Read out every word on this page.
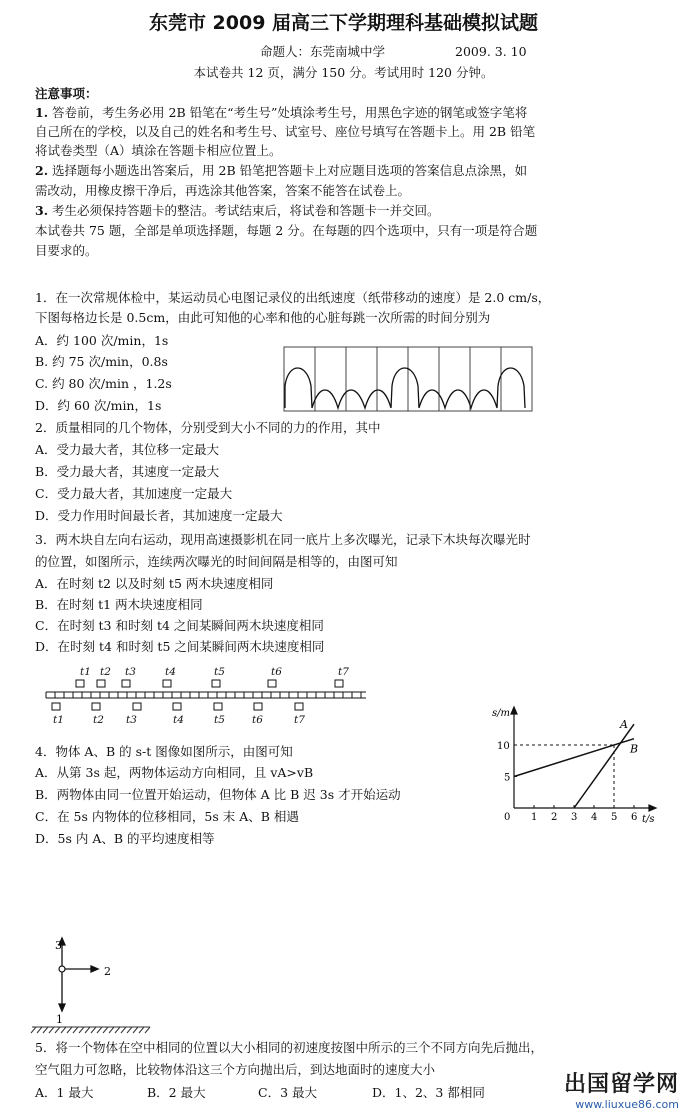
东莞市 2009 届高三下学期理科基础模拟试题
命题人：东莞南城中学	2009. 3. 10
本试卷共 12 页，满分 150 分。考试用时 120 分钟。
注意事项：
1. 答卷前，考生务必用 2B 铅笔在“考生号”处填涂考生号，用黑色字迹的钢笔或签字笔将
自己所在的学校，以及自己的姓名和考生号、试室号、座位号填写在答题卡上。用 2B 铅笔
将试卷类型（A）填涂在答题卡相应位置上。
2. 选择题每小题选出答案后，用 2B 铅笔把答题卡上对应题目选项的答案信息点涂黑，如
需改动，用橡皮擦干净后，再选涂其他答案，答案不能答在试卷上。
3. 考生必须保持答题卡的整洁。考试结束后，将试卷和答题卡一并交回。
本试卷共 75 题，全部是单项选择题，每题 2 分。在每题的四个选项中，只有一项是符合题
目要求的。
1．在一次常规体检中，某运动员心电图记录仪的出纸速度（纸带移动的速度）是 2.0 cm/s，
下图每格边长是 0.5cm，由此可知他的心率和他的心脏每跳一次所需的时间分别为
A．约 100 次/min，1s
B. 约 75 次/min，0.8s
C. 约 80 次/min ，1.2s
D．约 60 次/min，1s
2．质量相同的几个物体，分别受到大小不同的力的作用，其中
A．受力最大者，其位移一定最大
B．受力最大者，其速度一定最大
C．受力最大者，其加速度一定最大
D．受力作用时间最长者，其加速度一定最大
3．两木块自左向右运动，现用高速摄影机在同一底片上多次曝光，记录下木块每次曝光时
的位置，如图所示，连续两次曝光的时间间隔是相等的，由图可知
A．在时刻 t2 以及时刻 t5 两木块速度相同
B．在时刻 t1 两木块速度相同
C．在时刻 t3 和时刻 t4 之间某瞬间两木块速度相同
D．在时刻 t4 和时刻 t5 之间某瞬间两木块速度相同
t1 t2 t3	t4	t5	t6	t7
t1	t2 t3	t4	t5	t6	t7
4．物体 A、B 的 s-t 图像如图所示，由图可知
A．从第 3s 起，两物体运动方向相同，且 vA>vB
B．两物体由同一位置开始运动，但物体 A 比 B 迟 3s 才开始运动
C．在 5s 内物体的位移相同，5s 末 A、B 相遇
D．5s 内 A、B 的平均速度相等
s/m
t/s
0 1 2 3 4 5 6
5
10
A
B
3
2
1
5．将一个物体在空中相同的位置以大小相同的初速度按图中所示的三个不同方向先后抛出，
空气阻力可忽略，比较物体沿这三个方向抛出后，到达地面时的速度大小
A．1 最大	B．2 最大	C．3 最大	D．1、2、3 都相同	出国留学网
www.liuxue86.com
